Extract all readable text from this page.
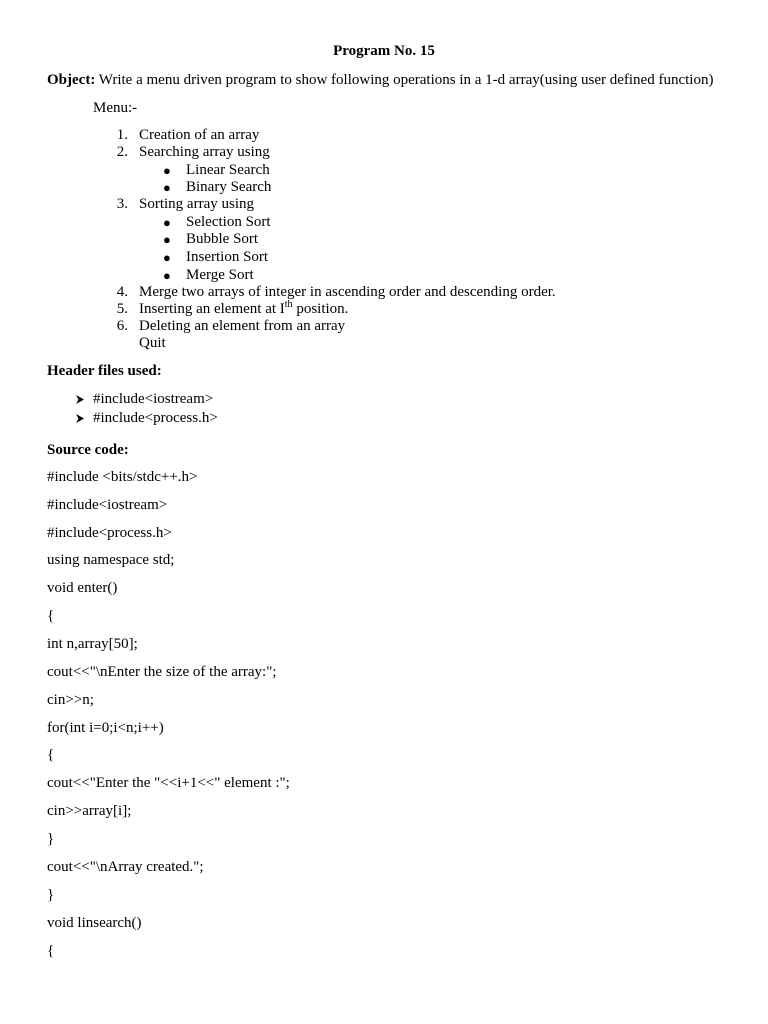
Program No. 15
Object: Write a menu driven program to show following operations in a 1-d array(using user defined function)
Menu:-
1. Creation of an array
2. Searching array using
● Linear Search
● Binary Search
3. Sorting array using
● Selection Sort
● Bubble Sort
● Insertion Sort
● Merge Sort
4. Merge two arrays of integer in ascending order and descending order.
5. Inserting an element at Ith position.
6. Deleting an element from an array
Quit
Header files used:
#include<iostream>
#include<process.h>
Source code:
#include <bits/stdc++.h>
#include<iostream>
#include<process.h>
using namespace std;
void enter()
{
int n,array[50];
cout<<"\nEnter the size of the array:";
cin>>n;
for(int i=0;i<n;i++)
{
cout<<"Enter the "<<i+1<<" element :";
cin>>array[i];
}
cout<<"\nArray created.";
}
void linsearch()
{
